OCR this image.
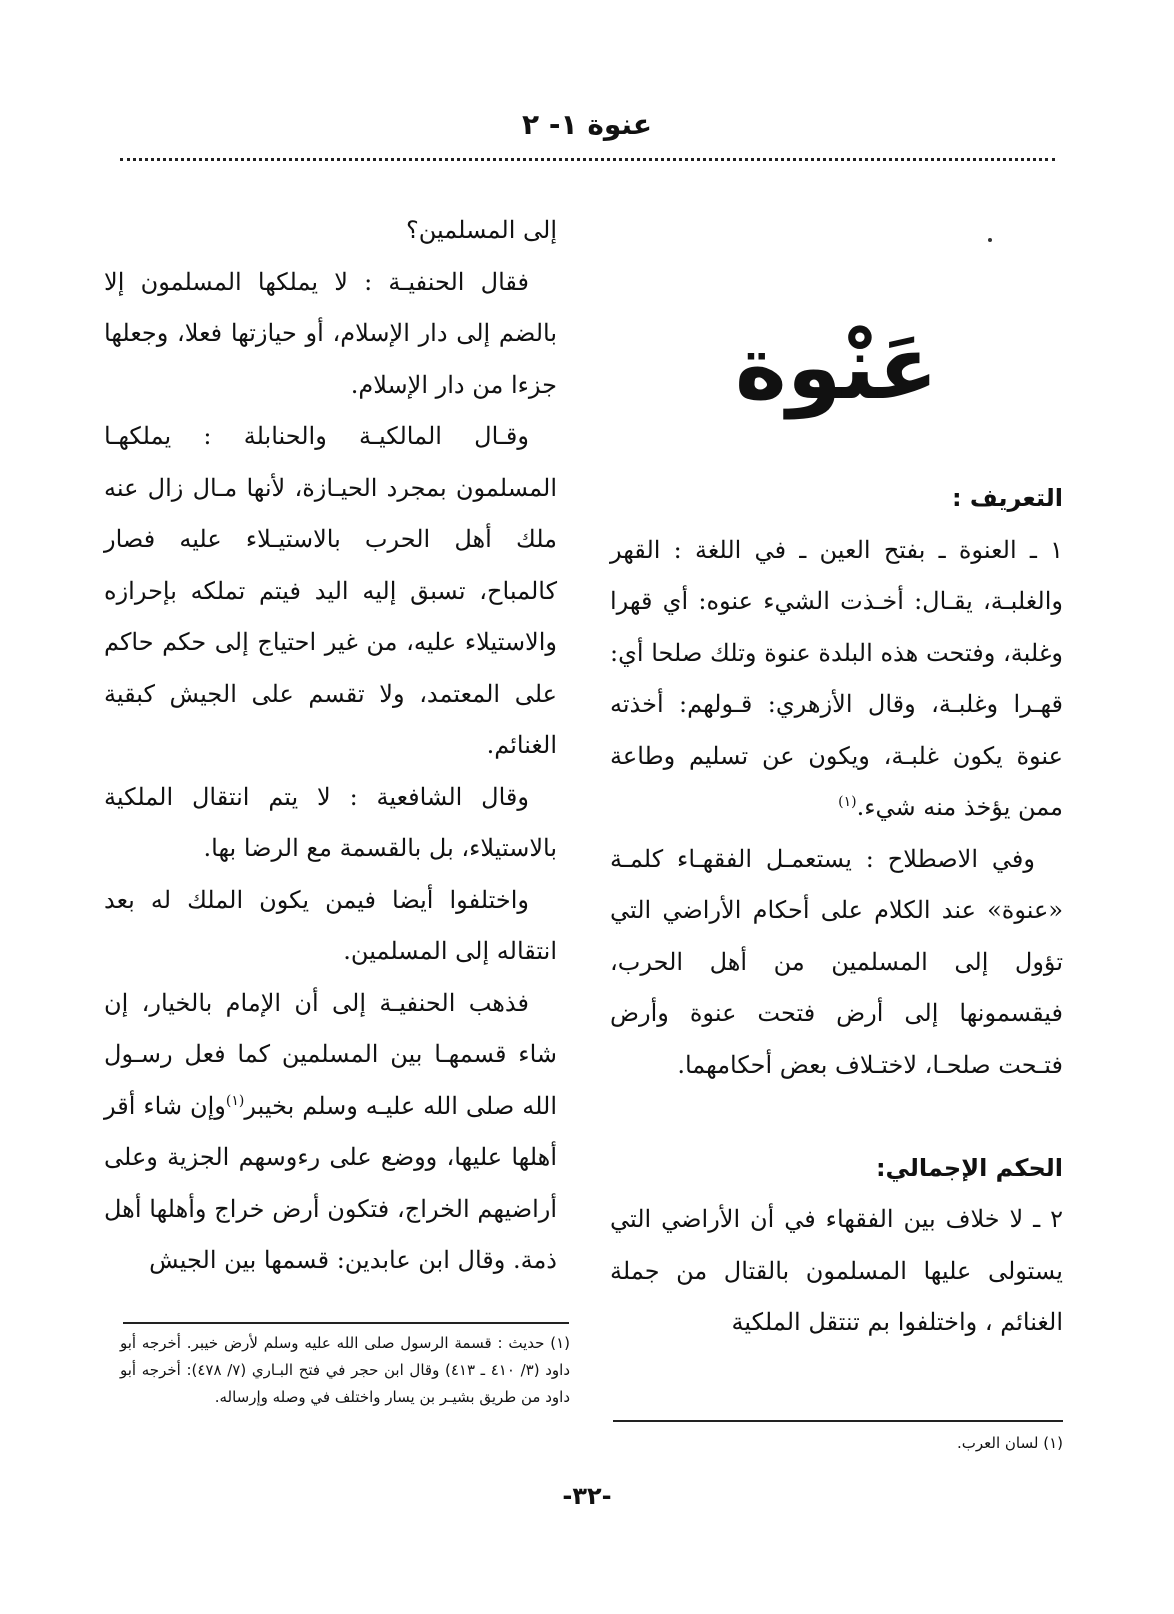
عنوة ١- ٢
عَنْوة

التعريف :

١ ـ العنوة ـ بفتح العين ـ في اللغة : القهر والغلبـة، يقـال: أخـذت الشيء عنوه: أي قهرا وغلبة، وفتحت هذه البلدة عنوة وتلك صلحا أي: قهـرا وغلبـة، وقال الأزهري: قـولهم: أخذته عنوة يكون غلبـة، ويكون عن تسليم وطاعة ممن يؤخذ منه شيء.$^{(١)}$

وفي الاصطلاح : يستعمـل الفقهـاء كلمـة «عنوة» عند الكلام على أحكام الأراضي التي تؤول إلى المسلمين من أهل الحرب، فيقسمونها إلى أرض فتحت عنوة وأرض فتـحت صلحـا، لاختـلاف بعض أحكامهما.

الحكم الإجمالي:

٢ ـ لا خلاف بين الفقهاء في أن الأراضي التي يستولى عليها المسلمون بالقتال من جملة الغنائم ، واختلفوا بم تنتقل الملكية

إلى المسلمين؟

فقال الحنفيـة : لا يملكها المسلمون إلا بالضم إلى دار الإسلام، أو حيازتها فعلا، وجعلها جزءا من دار الإسلام.

وقـال المالكيـة والحنابلة : يملكهـا المسلمون بمجرد الحيـازة، لأنها مـال زال عنه ملك أهل الحرب بالاستيـلاء عليه فصار كالمباح، تسبق إليه اليد فيتم تملكه بإحرازه والاستيلاء عليه، من غير احتياج إلى حكم حاكم على المعتمد، ولا تقسم على الجيش كبقية الغنائم.

وقال الشافعية : لا يتم انتقال الملكية بالاستيلاء، بل بالقسمة مع الرضا بها.

واختلفوا أيضا فيمن يكون الملك له بعد انتقاله إلى المسلمين.

فذهب الحنفيـة إلى أن الإمام بالخيار، إن شاء قسمهـا بين المسلمين كما فعل رسـول الله صلى الله عليـه وسلم بخيبر$^{(١)}$وإن شاء أقر أهلها عليها، ووضع على رءوسهم الجزية وعلى أراضيهم الخراج، فتكون أرض خراج وأهلها أهل ذمة. وقال ابن عابدين: قسمها بين الجيش

(١) حديث : قسمة الرسول صلى الله عليه وسلم لأرض خيبر. أخرجه أبو داود (٣/ ٤١٠ ـ ٤١٣) وقال ابن حجر في فتح البـاري (٧/ ٤٧٨): أخرجه أبو داود من طريق بشيـر بن يسار واختلف في وصله وإرساله.
(١) لسان العرب.
-٣٢-
